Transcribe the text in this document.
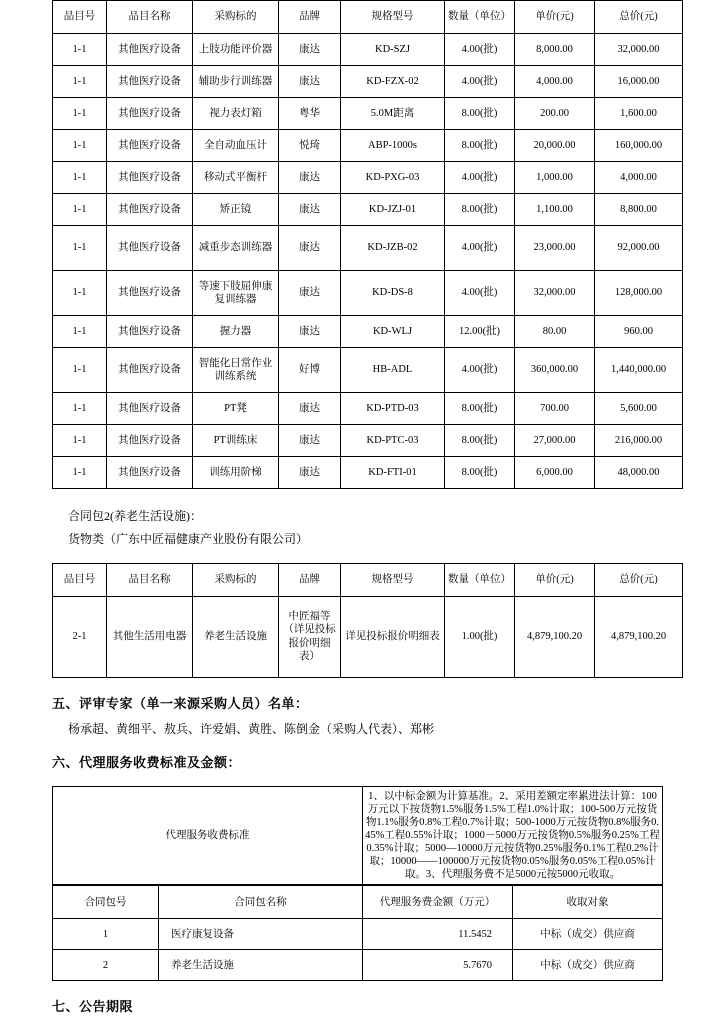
品目号	品目名称	采购标的	品牌	规格型号	数量（单位）	单价(元)	总价(元)
1-1	其他医疗设备	上肢功能评价器	康达	KD-SZJ	4.00(批)	8,000.00	32,000.00
1-1	其他医疗设备	辅助步行训练器	康达	KD-FZX-02	4.00(批)	4,000.00	16,000.00
1-1	其他医疗设备	视力表灯箱	粤华	5.0M距离	8.00(批)	200.00	1,600.00
1-1	其他医疗设备	全自动血压计	悦琦	ABP-1000s	8.00(批)	20,000.00	160,000.00
1-1	其他医疗设备	移动式平衡杆	康达	KD-PXG-03	4.00(批)	1,000.00	4,000.00
1-1	其他医疗设备	矫正镜	康达	KD-JZJ-01	8.00(批)	1,100.00	8,800.00
1-1	其他医疗设备	减重步态训练器	康达	KD-JZB-02	4.00(批)	23,000.00	92,000.00
1-1	其他医疗设备	等速下肢屈伸康复训练器	康达	KD-DS-8	4.00(批)	32,000.00	128,000.00
1-1	其他医疗设备	握力器	康达	KD-WLJ	12.00(批)	80.00	960.00
1-1	其他医疗设备	智能化日常作业训练系统	好博	HB-ADL	4.00(批)	360,000.00	1,440,000.00
1-1	其他医疗设备	PT凳	康达	KD-PTD-03	8.00(批)	700.00	5,600.00
1-1	其他医疗设备	PT训练床	康达	KD-PTC-03	8.00(批)	27,000.00	216,000.00
1-1	其他医疗设备	训练用阶梯	康达	KD-FTI-01	8.00(批)	6,000.00	48,000.00

合同包2(养老生活设施)：

货物类（广东中匠福健康产业股份有限公司）

品目号	品目名称	采购标的	品牌	规格型号	数量（单位）	单价(元)	总价(元)
2-1	其他生活用电器	养老生活设施	中匠福等（详见投标报价明细表）	详见投标报价明细表	1.00(批)	4,879,100.20	4,879,100.20

五、评审专家（单一来源采购人员）名单：

杨承超、黄细平、敖兵、许爱娟、黄胜、陈倒金（采购人代表）、郑彬

六、代理服务收费标准及金额：

代理服务收费标准	1、以中标金额为计算基准。2、采用差额定率累进法计算：100万元以下按货物1.5%服务1.5%工程1.0%计取；100-500万元按货物1.1%服务0.8%工程0.7%计取；500-1000万元按货物0.8%服务0.45%工程0.55%计取；1000－5000万元按货物0.5%服务0.25%工程0.35%计取；5000—10000万元按货物0.25%服务0.1%工程0.2%计取；10000——100000万元按货物0.05%服务0.05%工程0.05%计取。3、代理服务费不足5000元按5000元收取。
合同包号	合同包名称	代理服务费金额（万元）	收取对象
1	医疗康复设备	11.5452	中标（成交）供应商
2	养老生活设施	5.7670	中标（成交）供应商

七、公告期限
